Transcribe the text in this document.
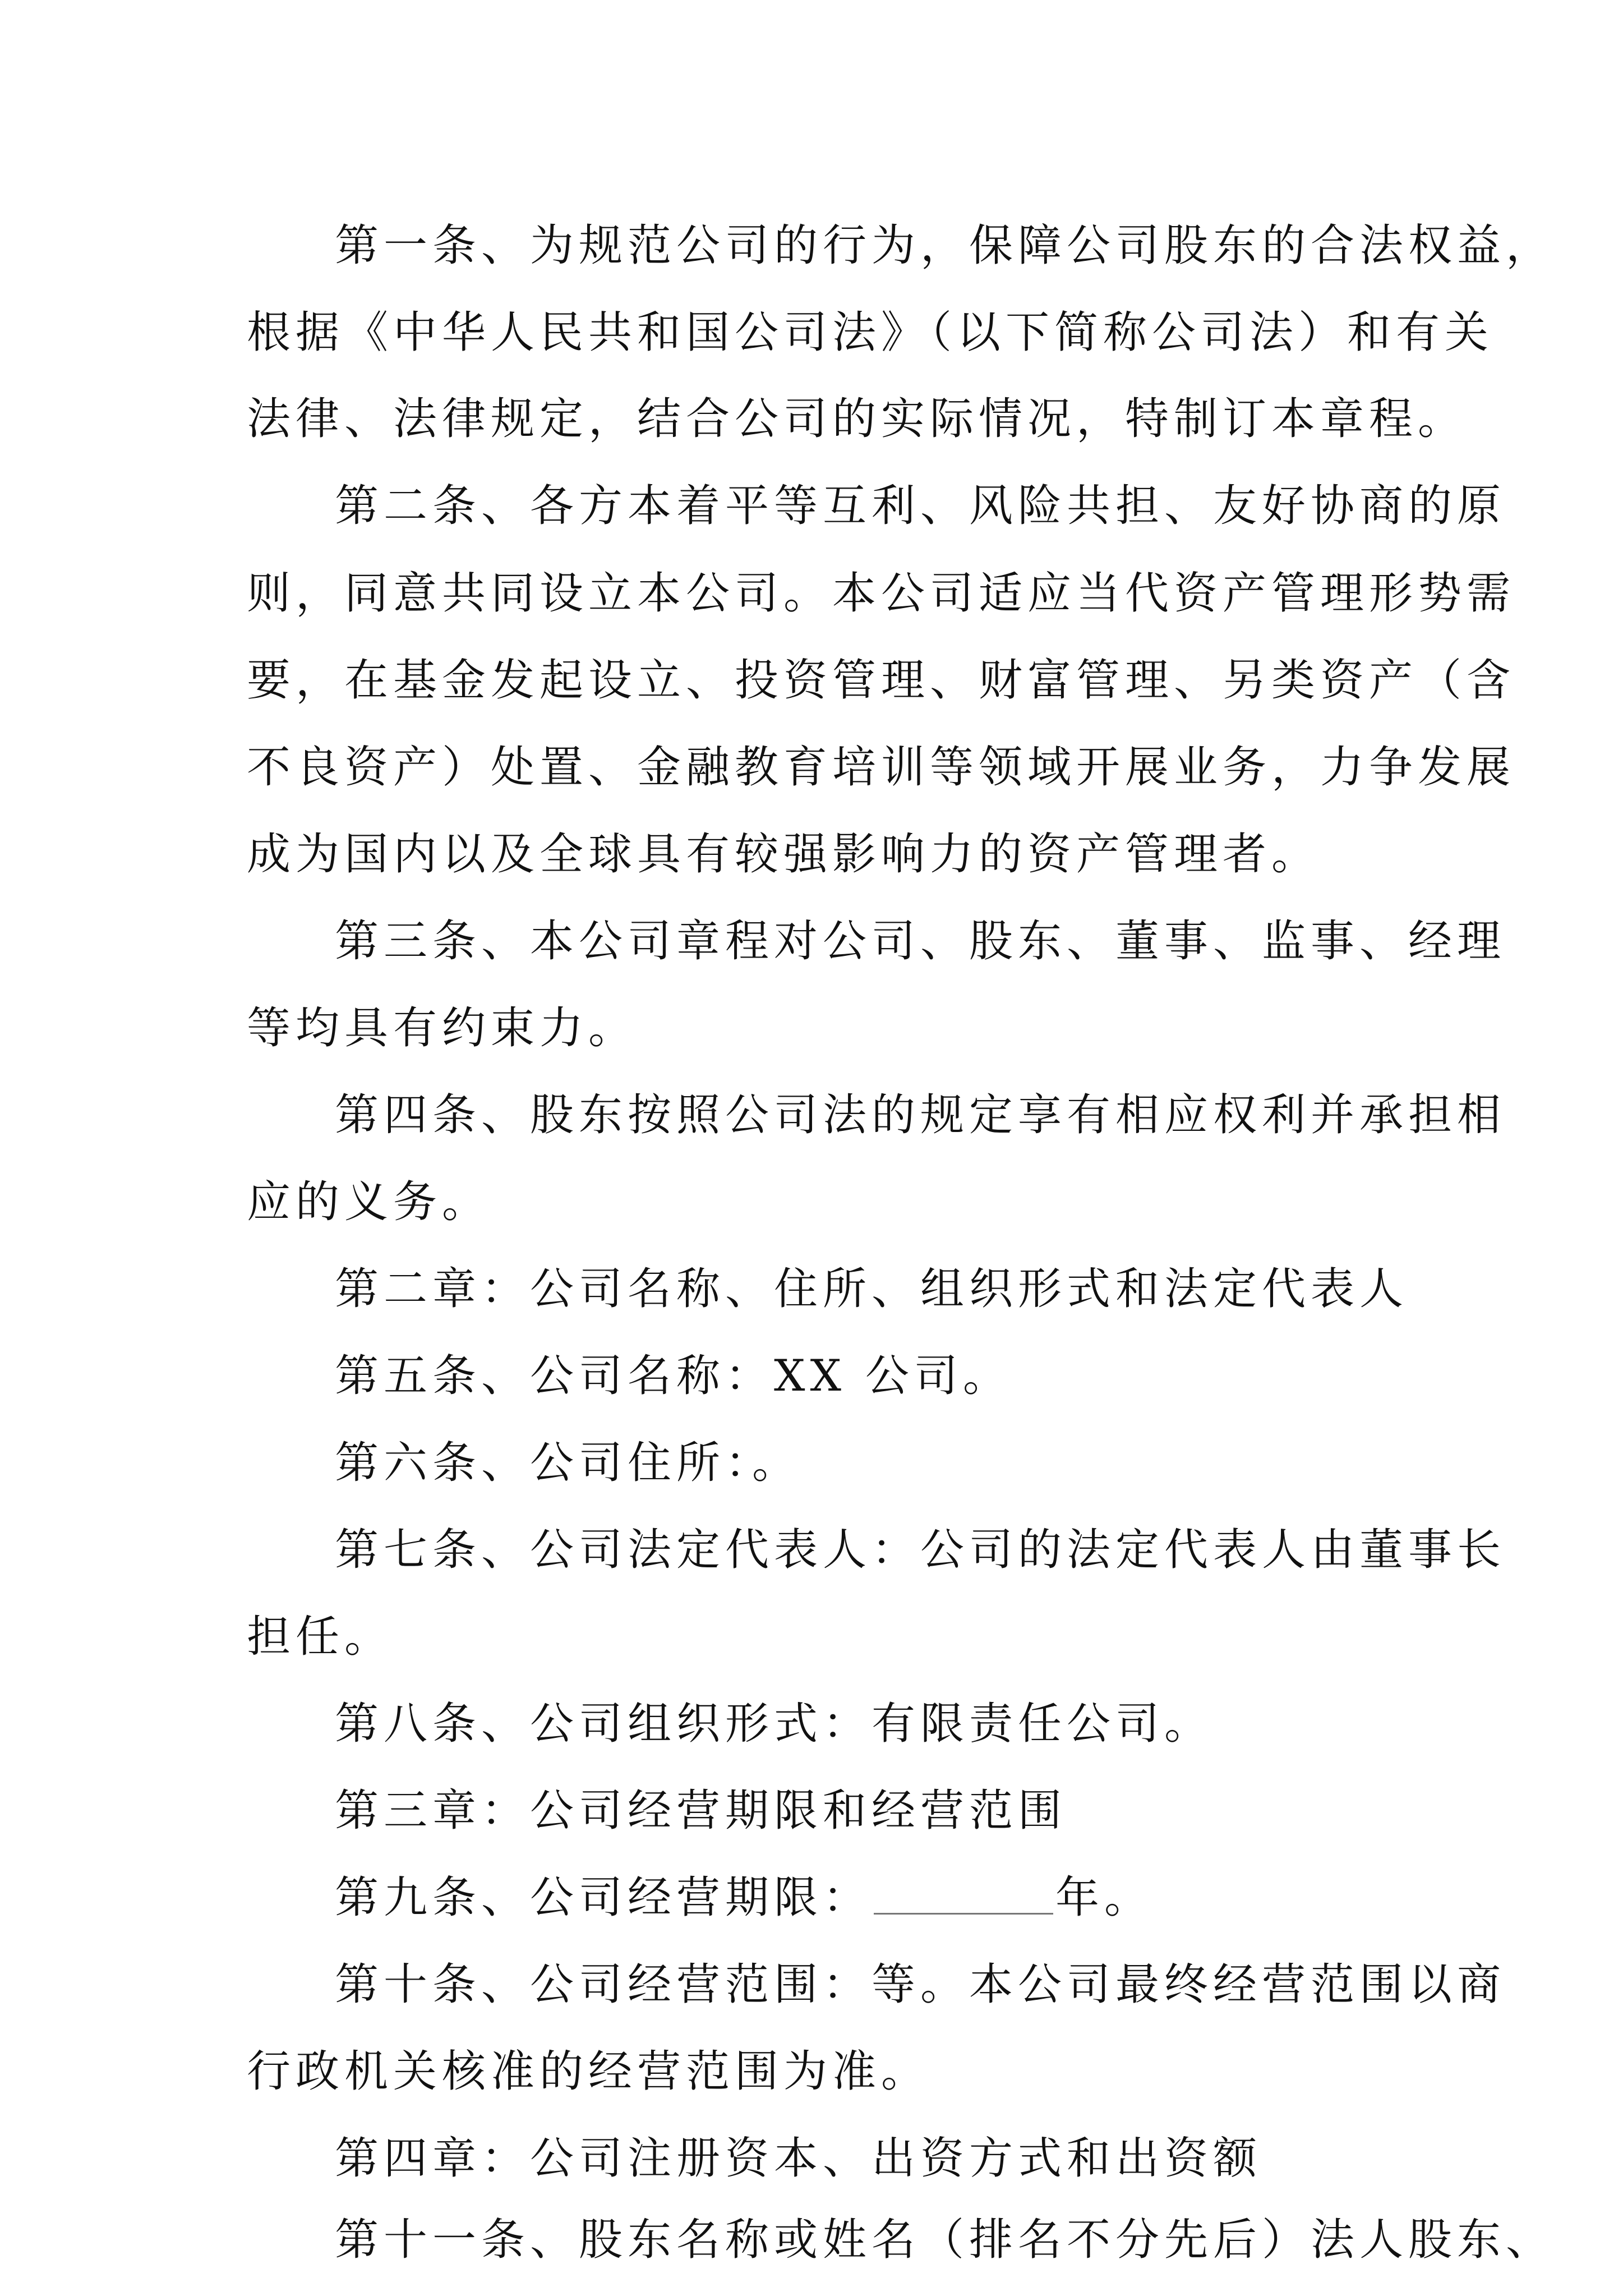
第一条、为规范公司的行为，保障公司股东的合法权益，
根据《中华人民共和国公司法》（以下简称公司法）和有关
法律、法律规定，结合公司的实际情况，特制订本章程。
第二条、各方本着平等互利、风险共担、友好协商的原
则，同意共同设立本公司。本公司适应当代资产管理形势需
要，在基金发起设立、投资管理、财富管理、另类资产（含
不良资产）处置、金融教育培训等领域开展业务，力争发展
成为国内以及全球具有较强影响力的资产管理者。
第三条、本公司章程对公司、股东、董事、监事、经理
等均具有约束力。
第四条、股东按照公司法的规定享有相应权利并承担相
应的义务。
第二章：公司名称、住所、组织形式和法定代表人
第五条、公司名称：XX 公司。
第六条、公司住所：。
第七条、公司法定代表人：公司的法定代表人由董事长
担任。
第八条、公司组织形式：有限责任公司。
第三章：公司经营期限和经营范围
第九条、公司经营期限：	年。
第十条、公司经营范围：等。本公司最终经营范围以商
行政机关核准的经营范围为准。
第四章：公司注册资本、出资方式和出资额
第十一条、股东名称或姓名（排名不分先后）法人股东、
